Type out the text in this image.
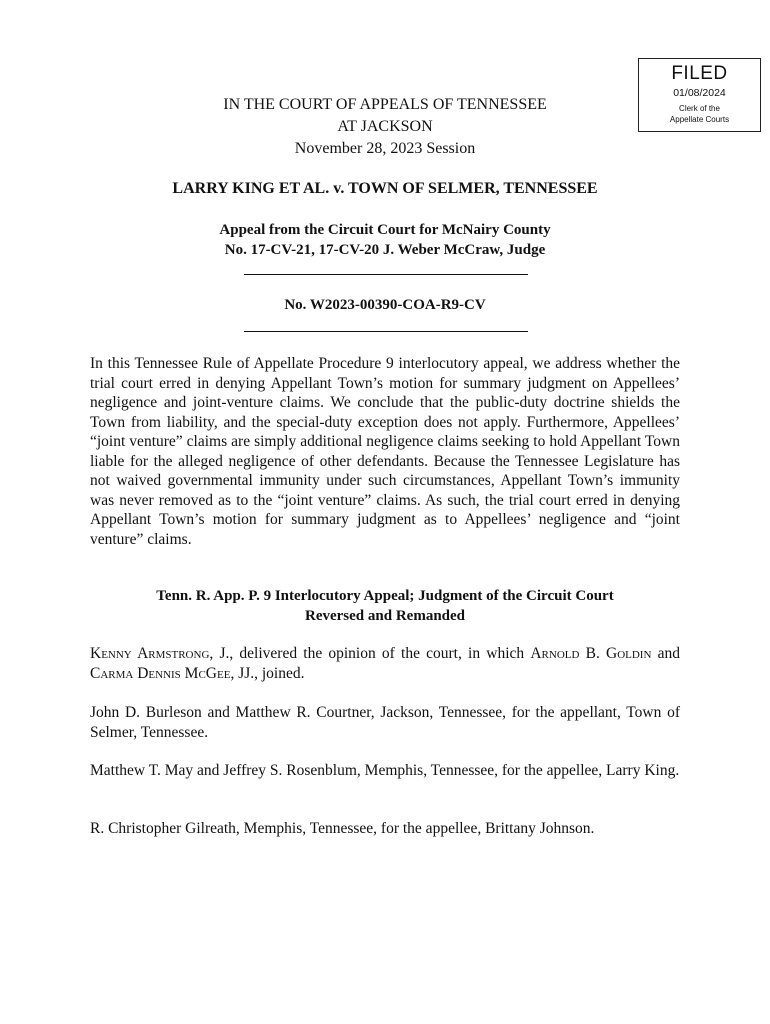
FILED
01/08/2024
Clerk of the
Appellate Courts
IN THE COURT OF APPEALS OF TENNESSEE
AT JACKSON
November 28, 2023 Session
LARRY KING ET AL. v. TOWN OF SELMER, TENNESSEE
Appeal from the Circuit Court for McNairy County
No. 17-CV-21, 17-CV-20 J. Weber McCraw, Judge
No. W2023-00390-COA-R9-CV
In this Tennessee Rule of Appellate Procedure 9 interlocutory appeal, we address whether the trial court erred in denying Appellant Town’s motion for summary judgment on Appellees’ negligence and joint-venture claims. We conclude that the public-duty doctrine shields the Town from liability, and the special-duty exception does not apply. Furthermore, Appellees’ “joint venture” claims are simply additional negligence claims seeking to hold Appellant Town liable for the alleged negligence of other defendants. Because the Tennessee Legislature has not waived governmental immunity under such circumstances, Appellant Town’s immunity was never removed as to the “joint venture” claims. As such, the trial court erred in denying Appellant Town’s motion for summary judgment as to Appellees’ negligence and “joint venture” claims.
Tenn. R. App. P. 9 Interlocutory Appeal; Judgment of the Circuit Court
Reversed and Remanded
Kenny Armstrong, J., delivered the opinion of the court, in which Arnold B. Goldin and Carma Dennis McGee, JJ., joined.
John D. Burleson and Matthew R. Courtner, Jackson, Tennessee, for the appellant, Town of Selmer, Tennessee.
Matthew T. May and Jeffrey S. Rosenblum, Memphis, Tennessee, for the appellee, Larry King.
R. Christopher Gilreath, Memphis, Tennessee, for the appellee, Brittany Johnson.
